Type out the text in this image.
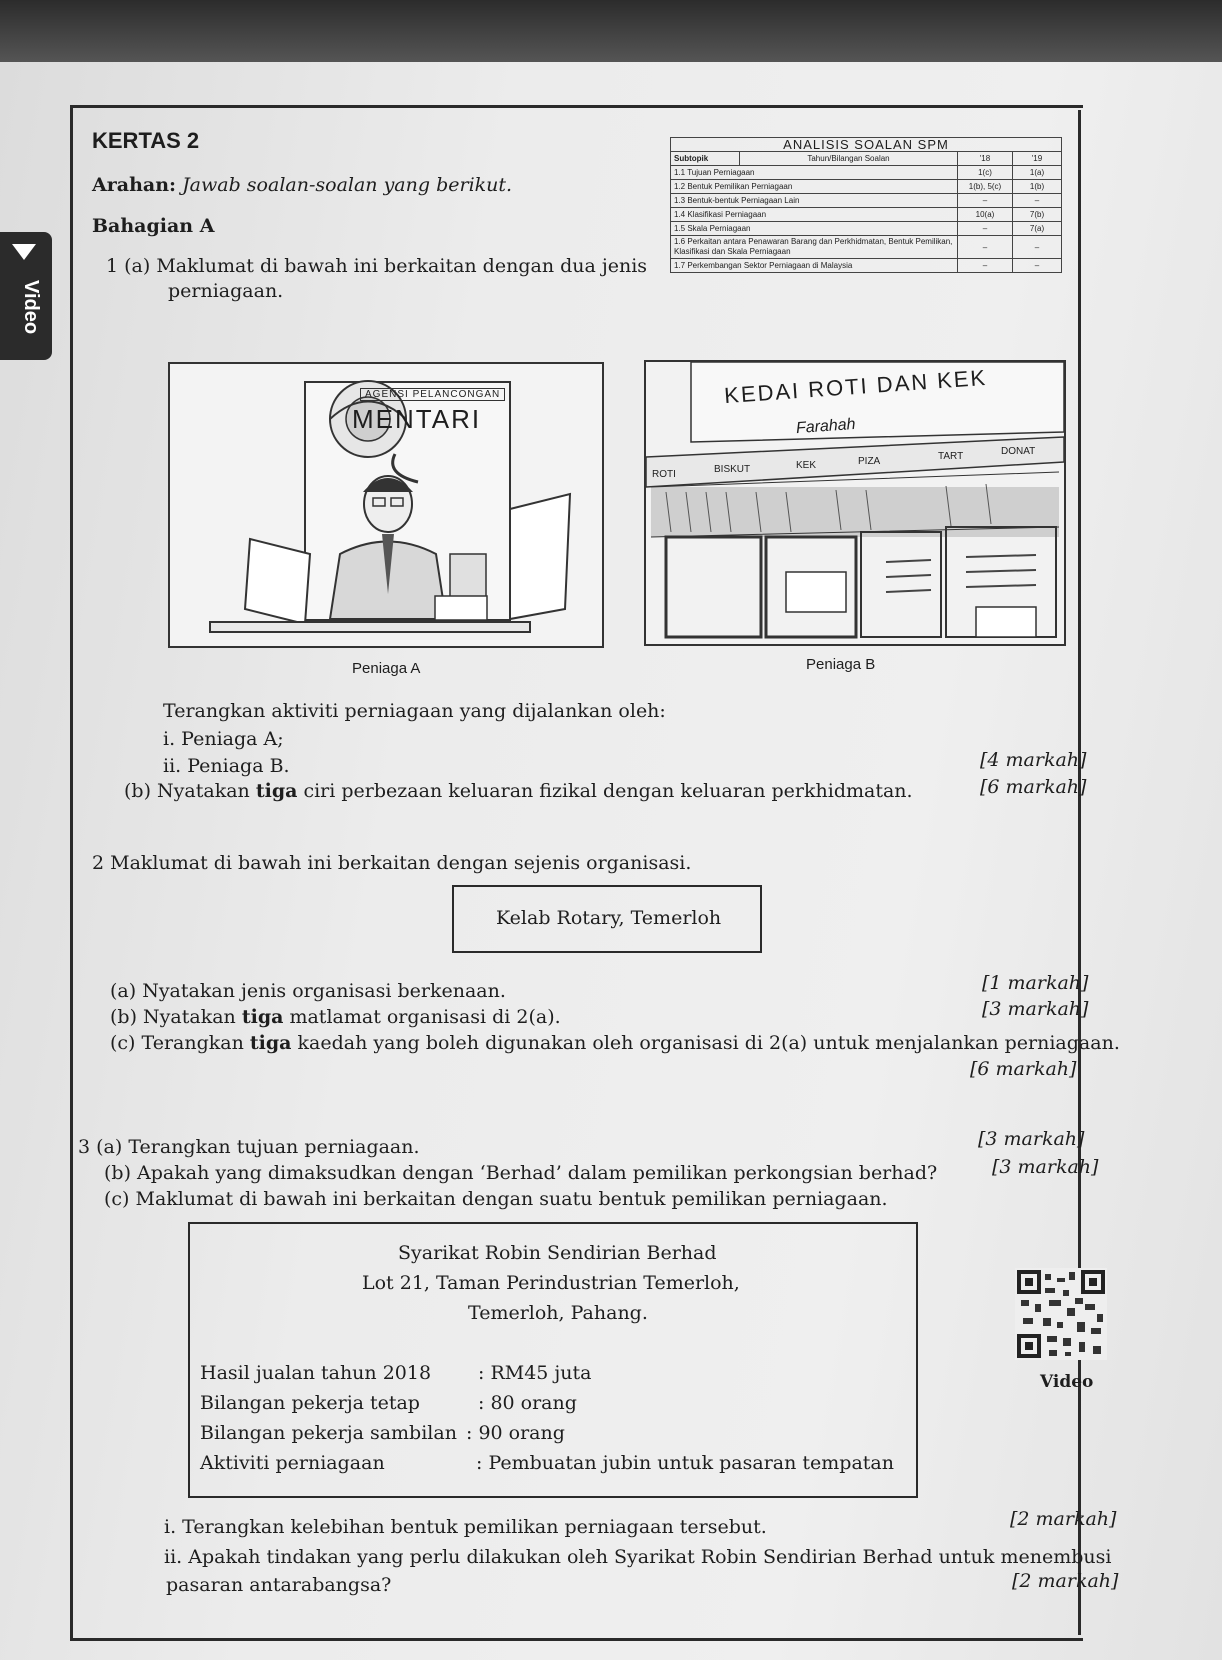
Video
KERTAS 2
Arahan: Jawab soalan-soalan yang berikut.
Bahagian A
ANALISIS SOALAN SPM			
Subtopik	Tahun/Bilangan Soalan	'18	'19
1.1 Tujuan Perniagaan		1(c)	1(a)
1.2 Bentuk Pemilikan Perniagaan		1(b), 5(c)	1(b)
1.3 Bentuk-bentuk Perniagaan Lain		–	–
1.4 Klasifikasi Perniagaan		10(a)	7(b)
1.5 Skala Perniagaan		–	7(a)
1.6 Perkaitan antara Penawaran Barang dan Perkhidmatan, Bentuk Pemilikan, Klasifikasi dan Skala Perniagaan		–	–
1.7 Perkembangan Sektor Perniagaan di Malaysia		–	–
1 (a) Maklumat di bawah ini berkaitan dengan dua jenis
perniagaan.
AGENSI PELANCONGAN
MENTARI
Peniaga A
KEDAI ROTI DAN KEK
Farahah
ROTI	BISKUT	KEK	PIZA	TART	DONAT
Peniaga B
Terangkan aktiviti perniagaan yang dijalankan oleh:
i. Peniaga A;
ii. Peniaga B.	[4 markah]
(b) Nyatakan tiga ciri perbezaan keluaran fizikal dengan keluaran perkhidmatan.	[6 markah]
2 Maklumat di bawah ini berkaitan dengan sejenis organisasi.
Kelab Rotary, Temerloh
(a) Nyatakan jenis organisasi berkenaan.	[1 markah]
(b) Nyatakan tiga matlamat organisasi di 2(a).	[3 markah]
(c) Terangkan tiga kaedah yang boleh digunakan oleh organisasi di 2(a) untuk menjalankan perniagaan.
[6 markah]
3 (a) Terangkan tujuan perniagaan.	[3 markah]
(b) Apakah yang dimaksudkan dengan ‘Berhad’ dalam pemilikan perkongsian berhad?	[3 markah]
(c) Maklumat di bawah ini berkaitan dengan suatu bentuk pemilikan perniagaan.
Syarikat Robin Sendirian Berhad
Lot 21, Taman Perindustrian Temerloh,
Temerloh, Pahang.
Hasil jualan tahun 2018 : RM45 juta
Bilangan pekerja tetap	: 80 orang
Bilangan pekerja sambilan : 90 orang
Aktiviti perniagaan	: Pembuatan jubin untuk pasaran tempatan
Video
i. Terangkan kelebihan bentuk pemilikan perniagaan tersebut.	[2 markah]
ii. Apakah tindakan yang perlu dilakukan oleh Syarikat Robin Sendirian Berhad untuk menembusi
pasaran antarabangsa?	[2 markah]
